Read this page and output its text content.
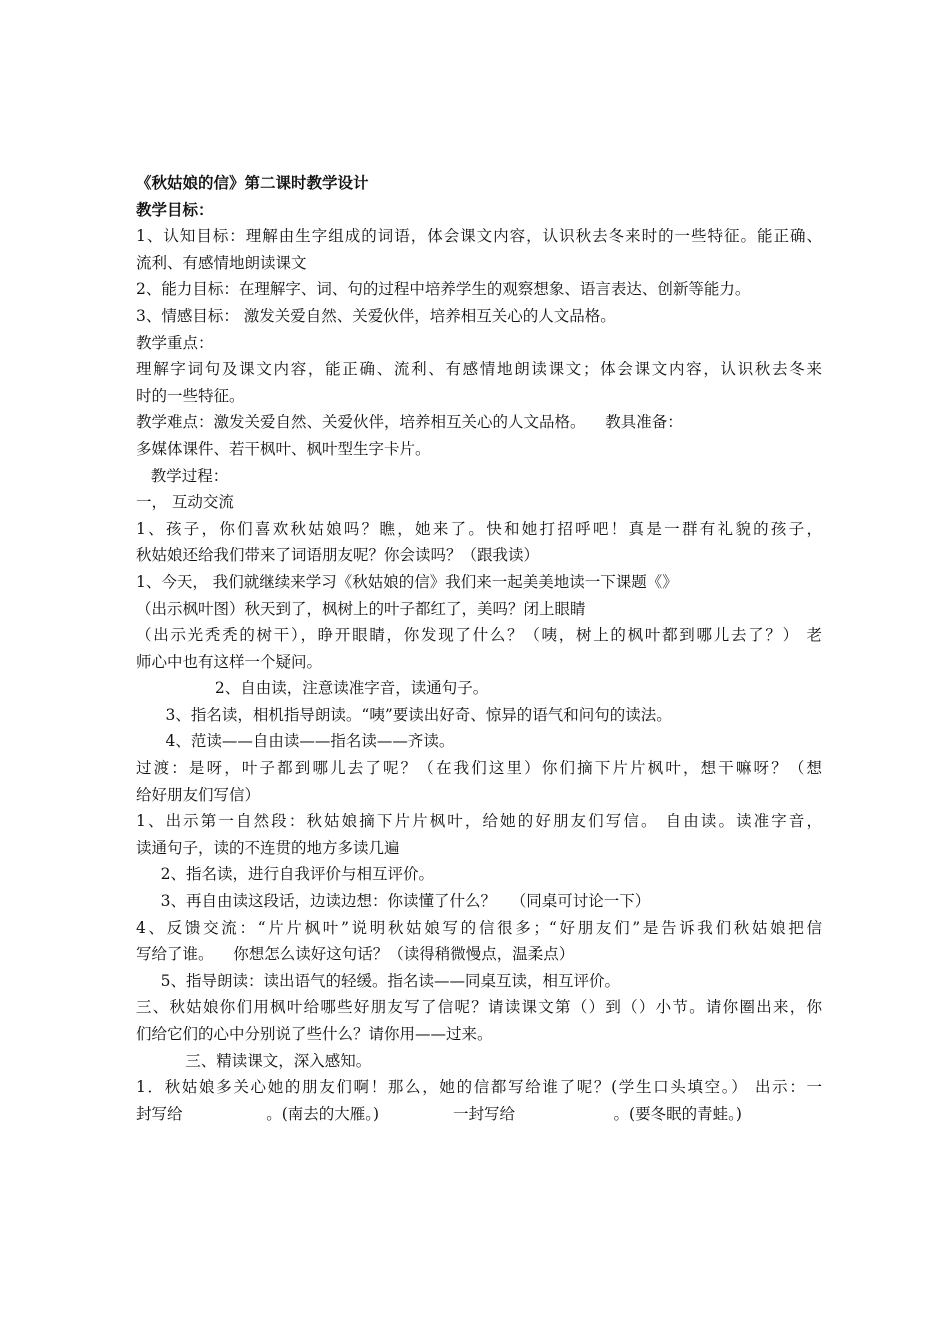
《秋姑娘的信》第二课时教学设计
教学目标：
1、认知目标：理解由生字组成的词语，体会课文内容，认识秋去冬来时的一些特征。能正确、
流利、有感情地朗读课文
2、能力目标：在理解字、词、句的过程中培养学生的观察想象、语言表达、创新等能力。
3、情感目标： 激发关爱自然、关爱伙伴，培养相互关心的人文品格。
教学重点：
理解字词句及课文内容，能正确、流利、有感情地朗读课文；体会课文内容，认识秋去冬来
时的一些特征。
教学难点：激发关爱自然、关爱伙伴，培养相互关心的人文品格。    教具准备：
多媒体课件、若干枫叶、枫叶型生字卡片。
教学过程：
一， 互动交流
1、孩子，你们喜欢秋姑娘吗？瞧，她来了。快和她打招呼吧！真是一群有礼貌的孩子，
秋姑娘还给我们带来了词语朋友呢？你会读吗？（跟我读）
1、今天， 我们就继续来学习《秋姑娘的信》我们来一起美美地读一下课题《》
（出示枫叶图）秋天到了，枫树上的叶子都红了，美吗？闭上眼睛
（出示光秃秃的树干），睁开眼睛，你发现了什么？（咦，树上的枫叶都到哪儿去了？） 老
师心中也有这样一个疑问。
2、自由读，注意读准字音，读通句子。
3、指名读，相机指导朗读。“咦”要读出好奇、惊异的语气和问句的读法。
4、范读——自由读——指名读——齐读。
过渡：是呀，叶子都到哪儿去了呢？（在我们这里）你们摘下片片枫叶，想干嘛呀？（想
给好朋友们写信）
1、出示第一自然段：秋姑娘摘下片片枫叶，给她的好朋友们写信。 自由读。读准字音，
读通句子，读的不连贯的地方多读几遍
2、指名读，进行自我评价与相互评价。
3、再自由读这段话，边读边想：你读懂了什么？   （同桌可讨论一下）
4、反馈交流：“片片枫叶”说明秋姑娘写的信很多；“好朋友们”是告诉我们秋姑娘把信
写给了谁。    你想怎么读好这句话？（读得稍微慢点，温柔点）
5、指导朗读：读出语气的轻缓。指名读——同桌互读，相互评价。
三、秋姑娘你们用枫叶给哪些好朋友写了信呢？请读课文第（）到（）小节。请你圈出来，你
们给它们的心中分别说了些什么？请你用——过来。
三、精读课文，深入感知。
1．秋姑娘多关心她的朋友们啊！那么，她的信都写给谁了呢？(学生口头填空。） 出示：一
封写给                 。(南去的大雁。)               一封写给                    。(要冬眠的青蛙。)
